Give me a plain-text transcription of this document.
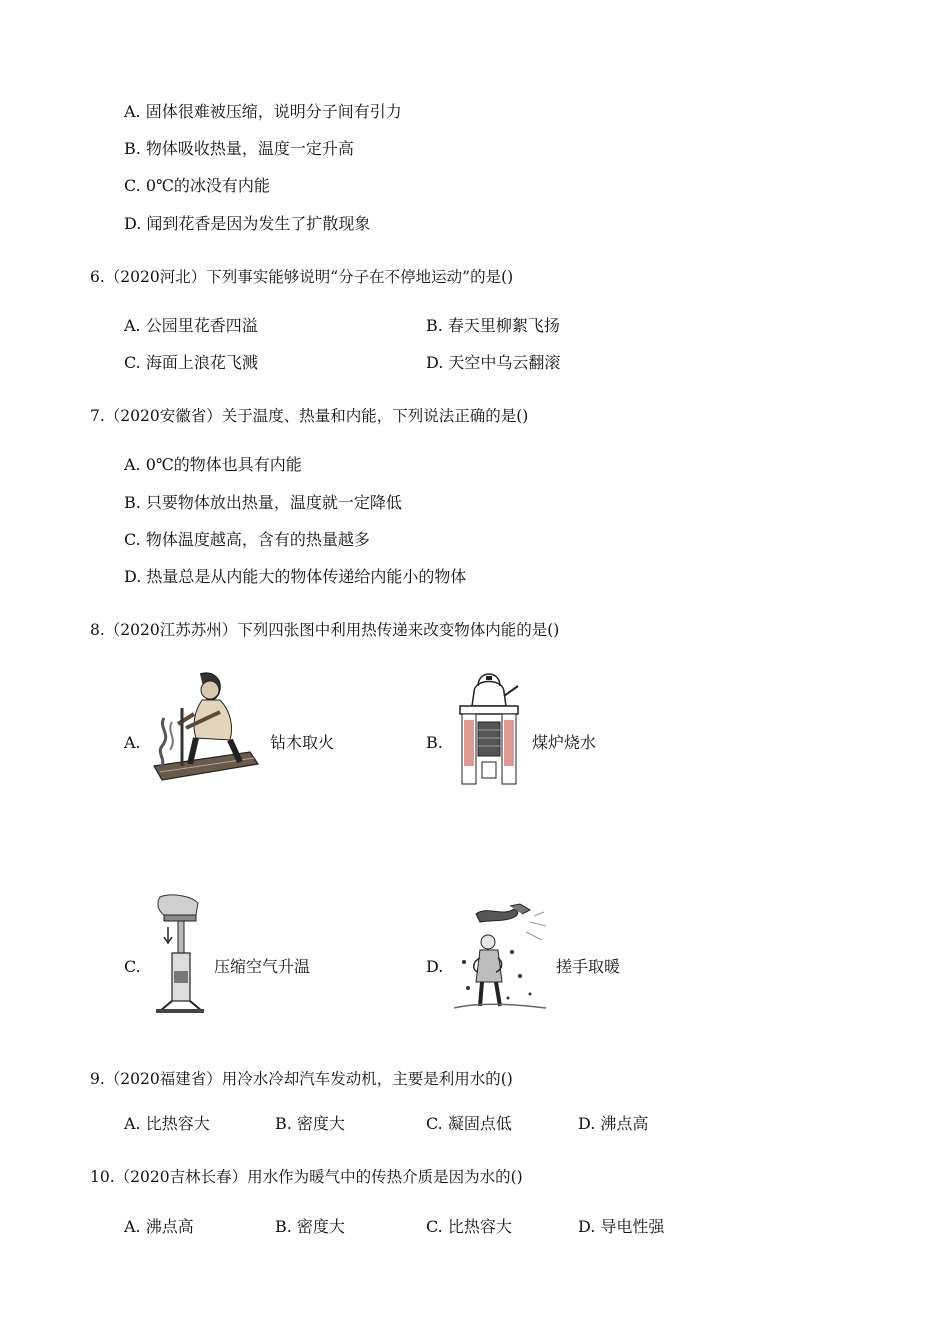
A. 固体很难被压缩，说明分子间有引力
B. 物体吸收热量，温度一定升高
C. 0℃的冰没有内能
D. 闻到花香是因为发生了扩散现象
6.（2020河北）下列事实能够说明“分子在不停地运动”的是()
A. 公园里花香四溢	B. 春天里柳絮飞扬
C. 海面上浪花飞溅	D. 天空中乌云翻滚
7.（2020安徽省）关于温度、热量和内能，下列说法正确的是()
A. 0℃的物体也具有内能
B. 只要物体放出热量，温度就一定降低
C. 物体温度越高，含有的热量越多
D. 热量总是从内能大的物体传递给内能小的物体
8.（2020江苏苏州）下列四张图中利用热传递来改变物体内能的是()
A.	钻木取火	B.	煤炉烧水
C.	压缩空气升温	D.	搓手取暖
9.（2020福建省）用冷水冷却汽车发动机，主要是利用水的()
A. 比热容大	B. 密度大	C. 凝固点低	D. 沸点高
10.（2020吉林长春）用水作为暖气中的传热介质是因为水的()
A. 沸点高	B. 密度大	C. 比热容大	D. 导电性强
